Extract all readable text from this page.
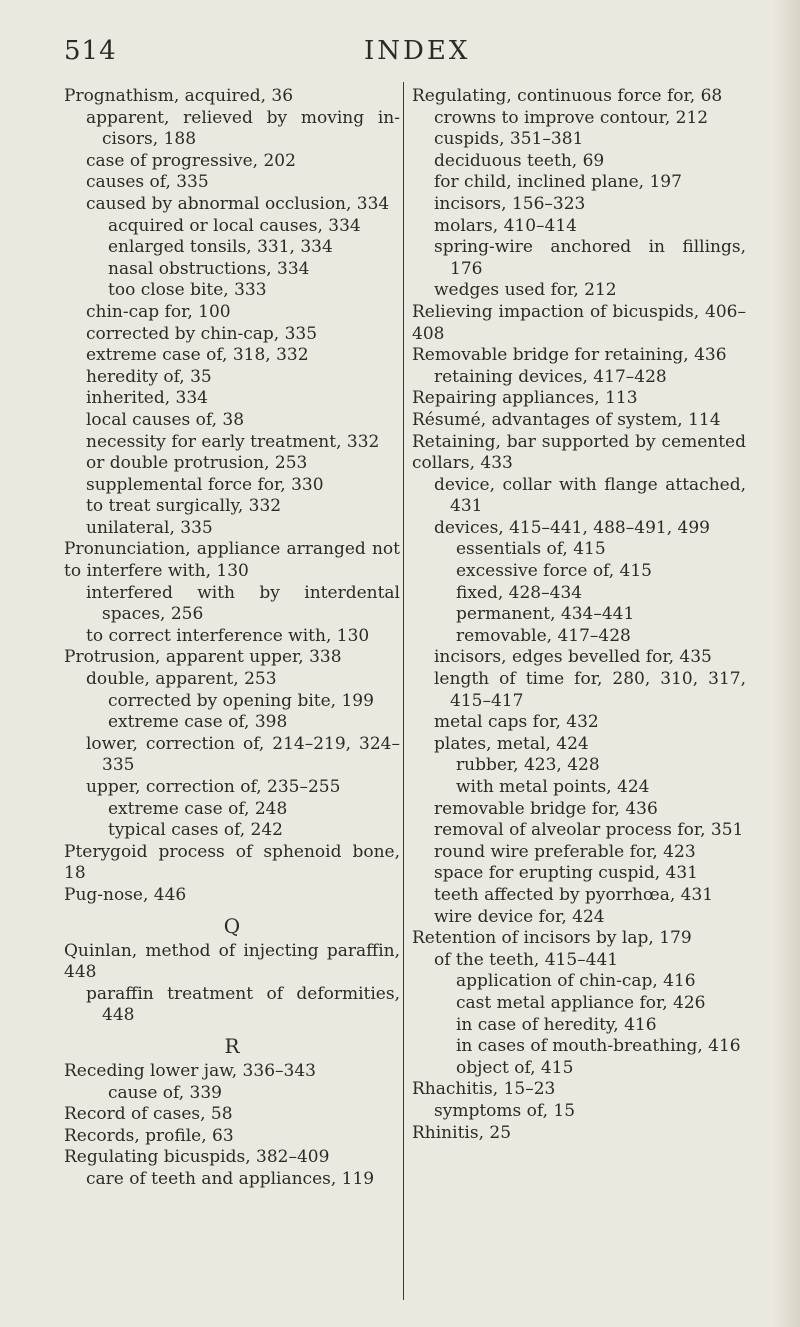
514	INDEX

Prognathism, acquired, 36

apparent, relieved by moving in-cisors, 188

case of progressive, 202

causes of, 335

caused by abnormal occlusion, 334

acquired or local causes, 334

enlarged tonsils, 331, 334

nasal obstructions, 334

too close bite, 333

chin-cap for, 100

corrected by chin-cap, 335

extreme case of, 318, 332

heredity of, 35

inherited, 334

local causes of, 38

necessity for early treatment, 332

or double protrusion, 253

supplemental force for, 330

to treat surgically, 332

unilateral, 335

Pronunciation, appliance arranged not to interfere with, 130

interfered with by interdental spaces, 256

to correct interference with, 130

Protrusion, apparent upper, 338

double, apparent, 253

corrected by opening bite, 199

extreme case of, 398

lower, correction of, 214–219, 324–335

upper, correction of, 235–255

extreme case of, 248

typical cases of, 242

Pterygoid process of sphenoid bone, 18

Pug-nose, 446

Q

Quinlan, method of injecting paraffin, 448

paraffin treatment of deformities, 448

R

Receding lower jaw, 336–343

cause of, 339

Record of cases, 58

Records, profile, 63

Regulating bicuspids, 382–409

care of teeth and appliances, 119

Regulating, continuous force for, 68

crowns to improve contour, 212

cuspids, 351–381

deciduous teeth, 69

for child, inclined plane, 197

incisors, 156–323

molars, 410–414

spring-wire anchored in fillings, 176

wedges used for, 212

Relieving impaction of bicuspids, 406–408

Removable bridge for retaining, 436

retaining devices, 417–428

Repairing appliances, 113

Résumé, advantages of system, 114

Retaining, bar supported by cemented collars, 433

device, collar with flange attached, 431

devices, 415–441, 488–491, 499

essentials of, 415

excessive force of, 415

fixed, 428–434

permanent, 434–441

removable, 417–428

incisors, edges bevelled for, 435

length of time for, 280, 310, 317, 415–417

metal caps for, 432

plates, metal, 424

rubber, 423, 428

with metal points, 424

removable bridge for, 436

removal of alveolar process for, 351

round wire preferable for, 423

space for erupting cuspid, 431

teeth affected by pyorrhœa, 431

wire device for, 424

Retention of incisors by lap, 179

of the teeth, 415–441

application of chin-cap, 416

cast metal appliance for, 426

in case of heredity, 416

in cases of mouth-breathing, 416

object of, 415

Rhachitis, 15–23

symptoms of, 15

Rhinitis, 25
